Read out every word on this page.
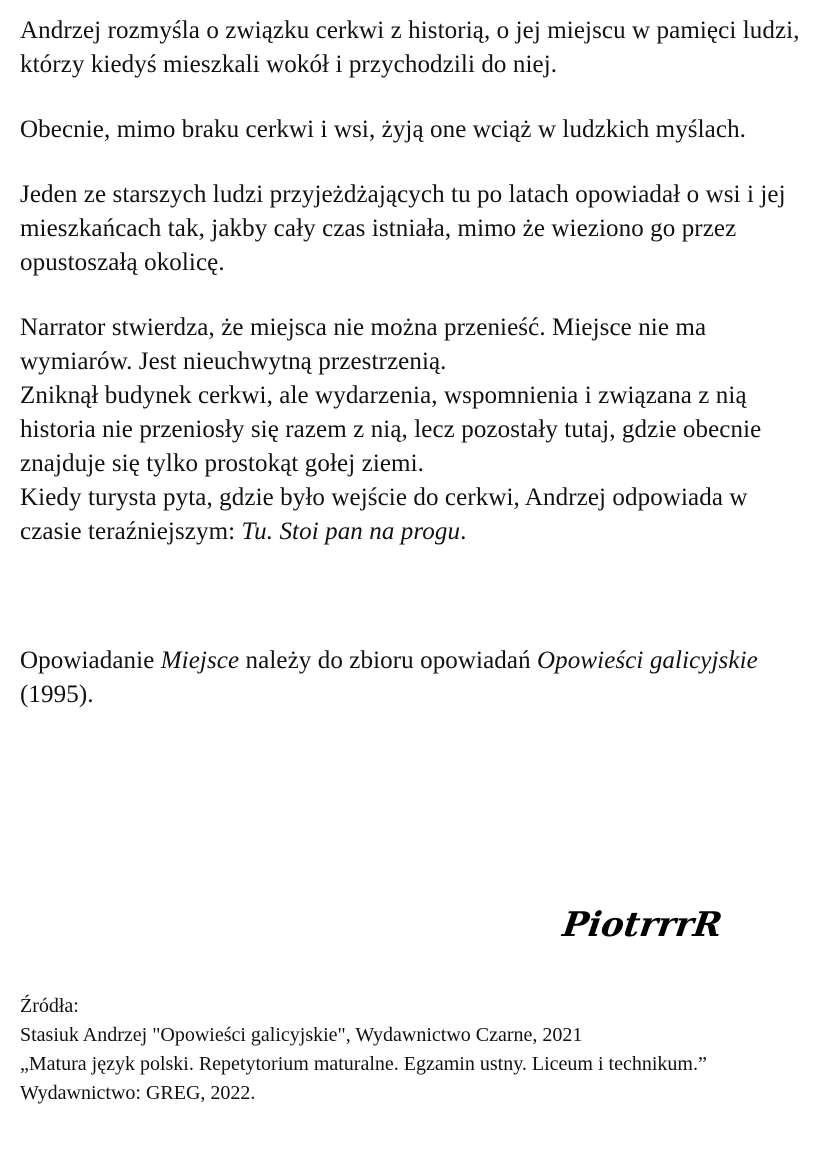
Andrzej rozmyśla o związku cerkwi z historią, o jej miejscu w pamięci ludzi, którzy kiedyś mieszkali wokół i przychodzili do niej.

Obecnie, mimo braku cerkwi i wsi, żyją one wciąż w ludzkich myślach.

Jeden ze starszych ludzi przyjeżdżających tu po latach opowiadał o wsi i jej mieszkańcach tak, jakby cały czas istniała, mimo że wieziono go przez opustoszałą okolicę.

Narrator stwierdza, że miejsca nie można przenieść. Miejsce nie ma wymiarów. Jest nieuchwytną przestrzenią.

Zniknął budynek cerkwi, ale wydarzenia, wspomnienia i związana z nią historia nie przeniosły się razem z nią, lecz pozostały tutaj, gdzie obecnie znajduje się tylko prostokąt gołej ziemi.

Kiedy turysta pyta, gdzie było wejście do cerkwi, Andrzej odpowiada w czasie teraźniejszym: Tu. Stoi pan na progu.

Opowiadanie Miejsce należy do zbioru opowiadań Opowieści galicyjskie (1995).

PiotrrrR
Źródła:
Stasiuk Andrzej "Opowieści galicyjskie", Wydawnictwo Czarne, 2021
„Matura język polski. Repetytorium maturalne. Egzamin ustny. Liceum i technikum.” Wydawnictwo: GREG, 2022.
